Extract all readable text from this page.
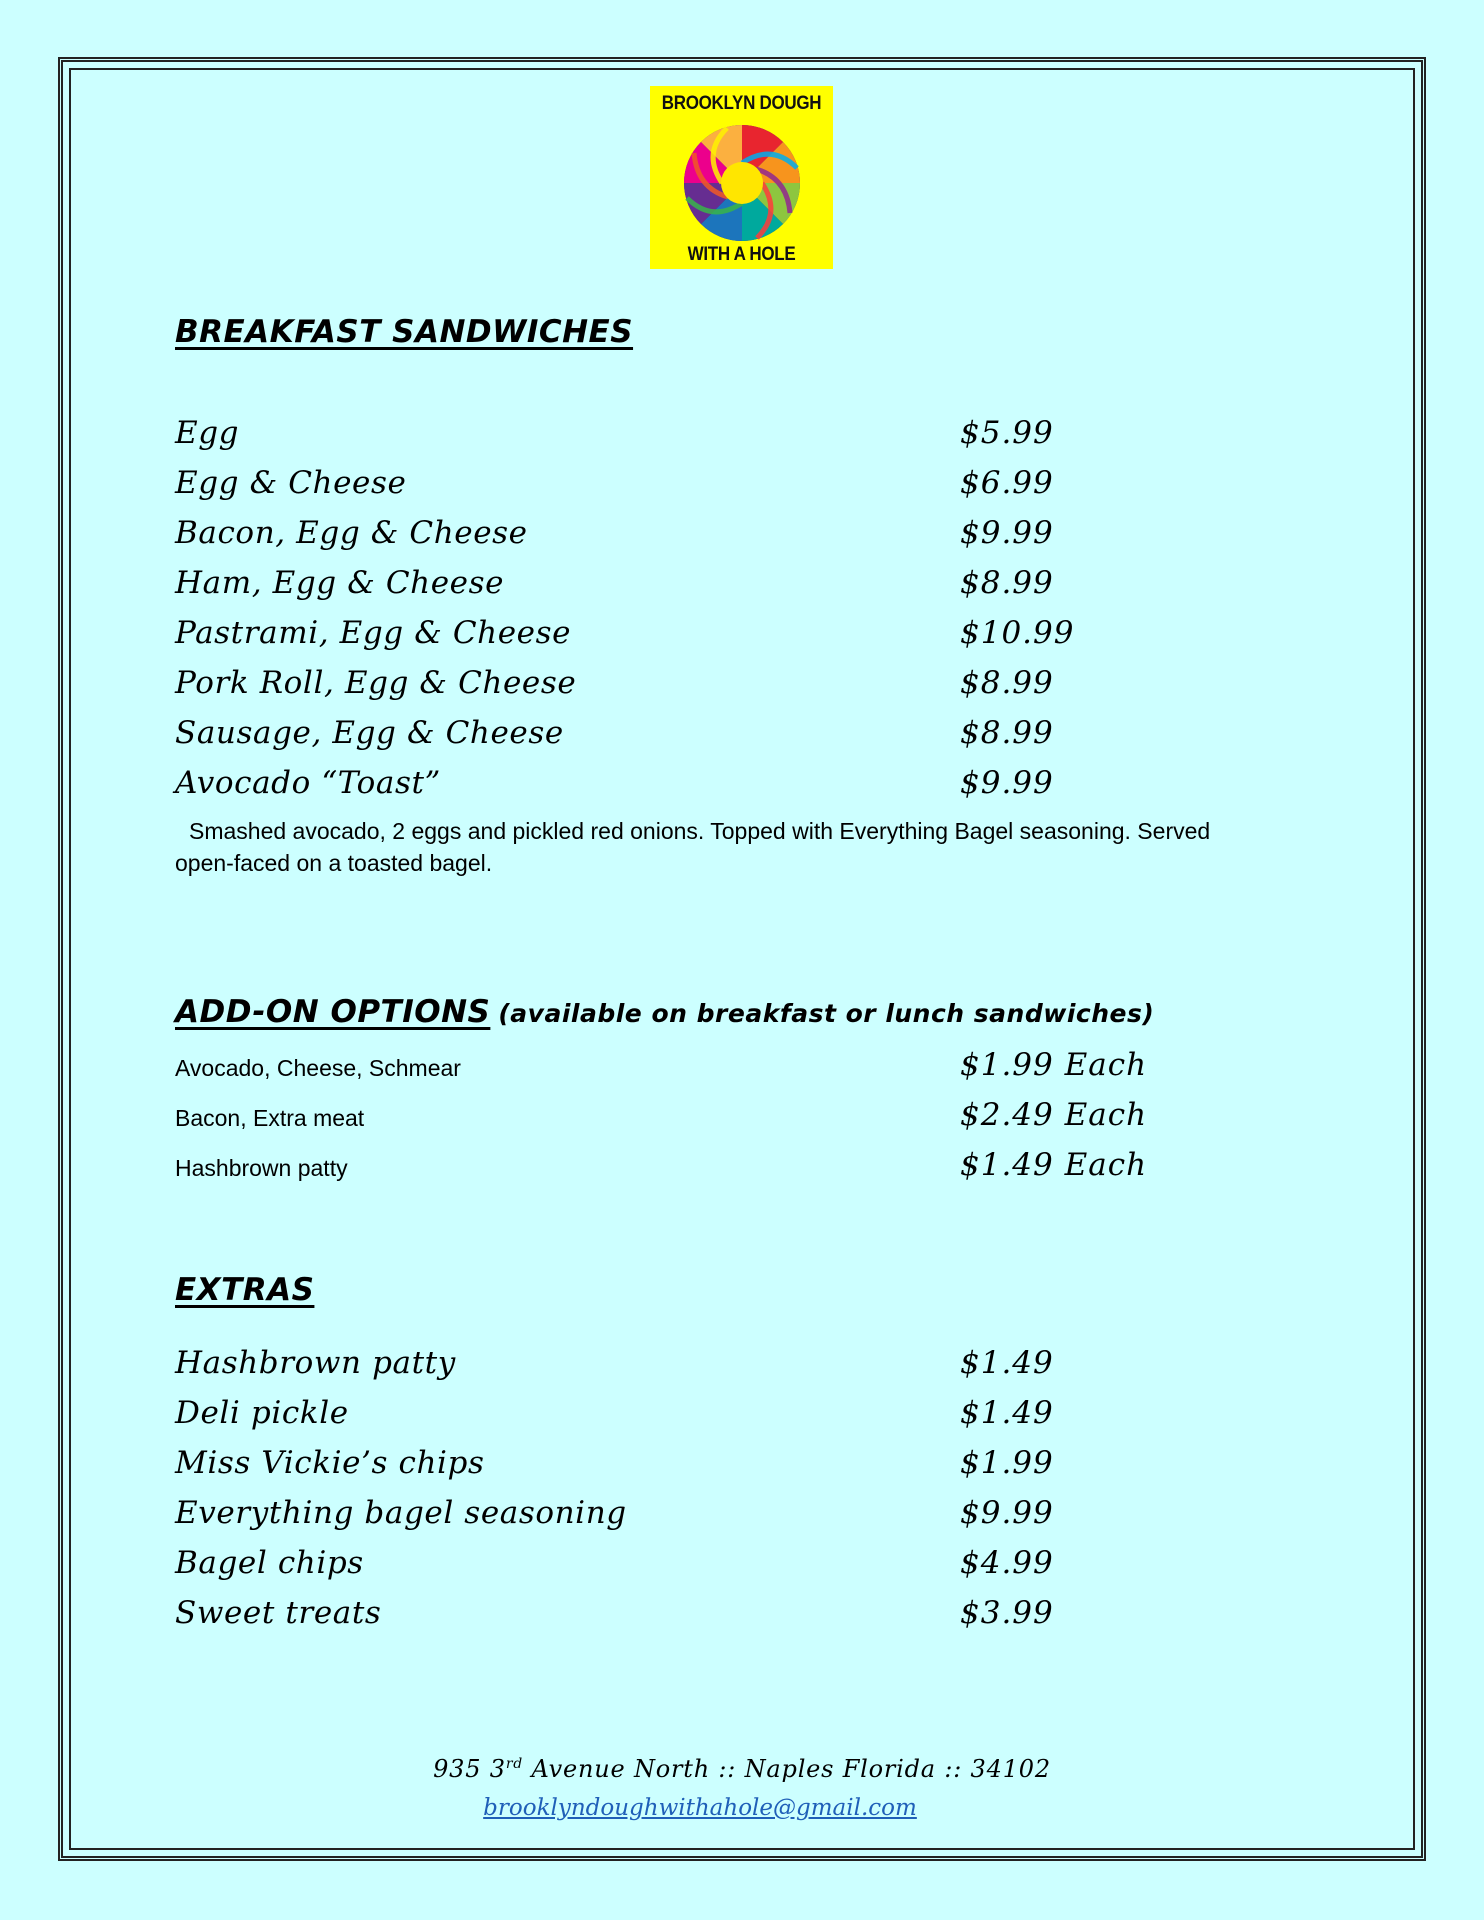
BROOKLYN DOUGH
WITH A HOLE
BREAKFAST SANDWICHES
Egg	$5.99
Egg & Cheese	$6.99
Bacon, Egg & Cheese	$9.99
Ham, Egg & Cheese	$8.99
Pastrami, Egg & Cheese	$10.99
Pork Roll, Egg & Cheese	$8.99
Sausage, Egg & Cheese	$8.99
Avocado “Toast”	$9.99
Smashed avocado, 2 eggs and pickled red onions. Topped with Everything Bagel seasoning. Served
open-faced on a toasted bagel.
ADD-ON OPTIONS (available on breakfast or lunch sandwiches)
Avocado, Cheese, Schmear	$1.99 Each
Bacon, Extra meat	$2.49 Each
Hashbrown patty	$1.49 Each
EXTRAS
Hashbrown patty	$1.49
Deli pickle	$1.49
Miss Vickie’s chips	$1.99
Everything bagel seasoning	$9.99
Bagel chips	$4.99
Sweet treats	$3.99
935 3rd Avenue North :: Naples Florida :: 34102
brooklyndoughwithahole@gmail.com
